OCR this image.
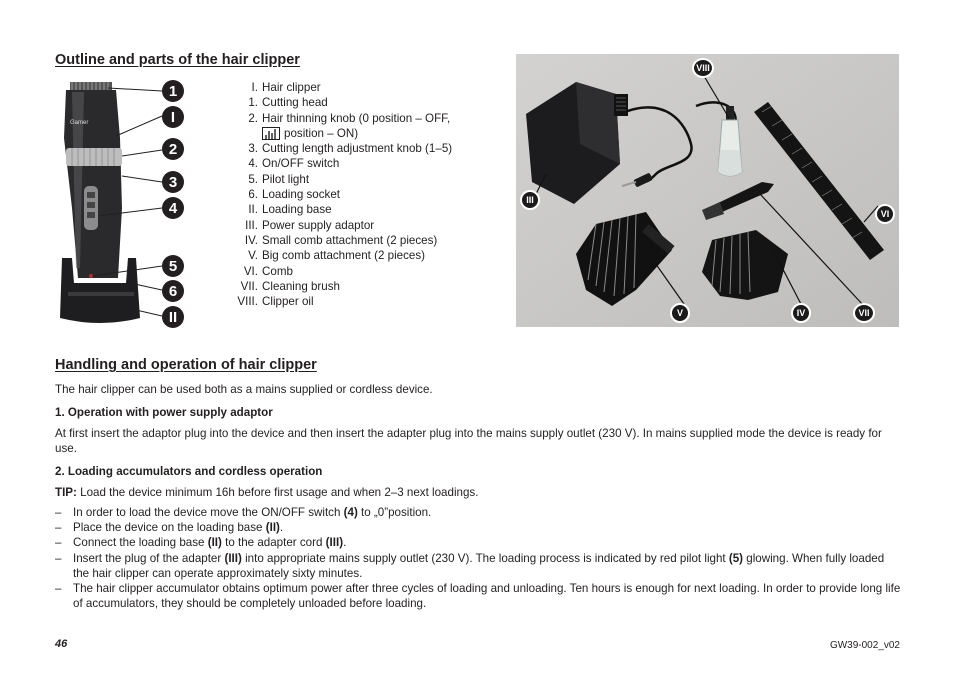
Outline and parts of the hair clipper
Gamer
1
I
2
3
4
5
6
II
I. Hair clipper
1. Cutting head
2. Hair thinning knob (0 position – OFF,
position – ON)
3. Cutting length adjustment knob (1–5)
4. On/OFF switch
5. Pilot light
6. Loading socket
II. Loading base
III. Power supply adaptor
IV. Small comb attachment (2 pieces)
V. Big comb attachment (2 pieces)
VI. Comb
VII. Cleaning brush
VIII. Clipper oil
VIII
III
VI
V	IV	VII
Handling and operation of hair clipper
The hair clipper can be used both as a mains supplied or cordless device.
1. Operation with power supply adaptor
At first insert the adaptor plug into the device and then insert the adapter plug into the mains supply outlet (230 V). In mains supplied mode the device is ready for use.
2. Loading accumulators and cordless operation
TIP: Load the device minimum 16h before first usage and when 2–3 next loadings.
– In order to load the device move the ON/OFF switch (4) to „0”position.
– Place the device on the loading base (II).
– Connect the loading base (II) to the adapter cord (III).
– Insert the plug of the adapter (III) into appropriate mains supply outlet (230 V). The loading process is indicated by red pilot light (5) glowing. When fully loaded the hair clipper can operate approximately sixty minutes.
– The hair clipper accumulator obtains optimum power after three cycles of loading and unloading. Ten hours is enough for next loading. In order to provide long life of accumulators, they should be completely unloaded before loading.
46	GW39-002_v02
